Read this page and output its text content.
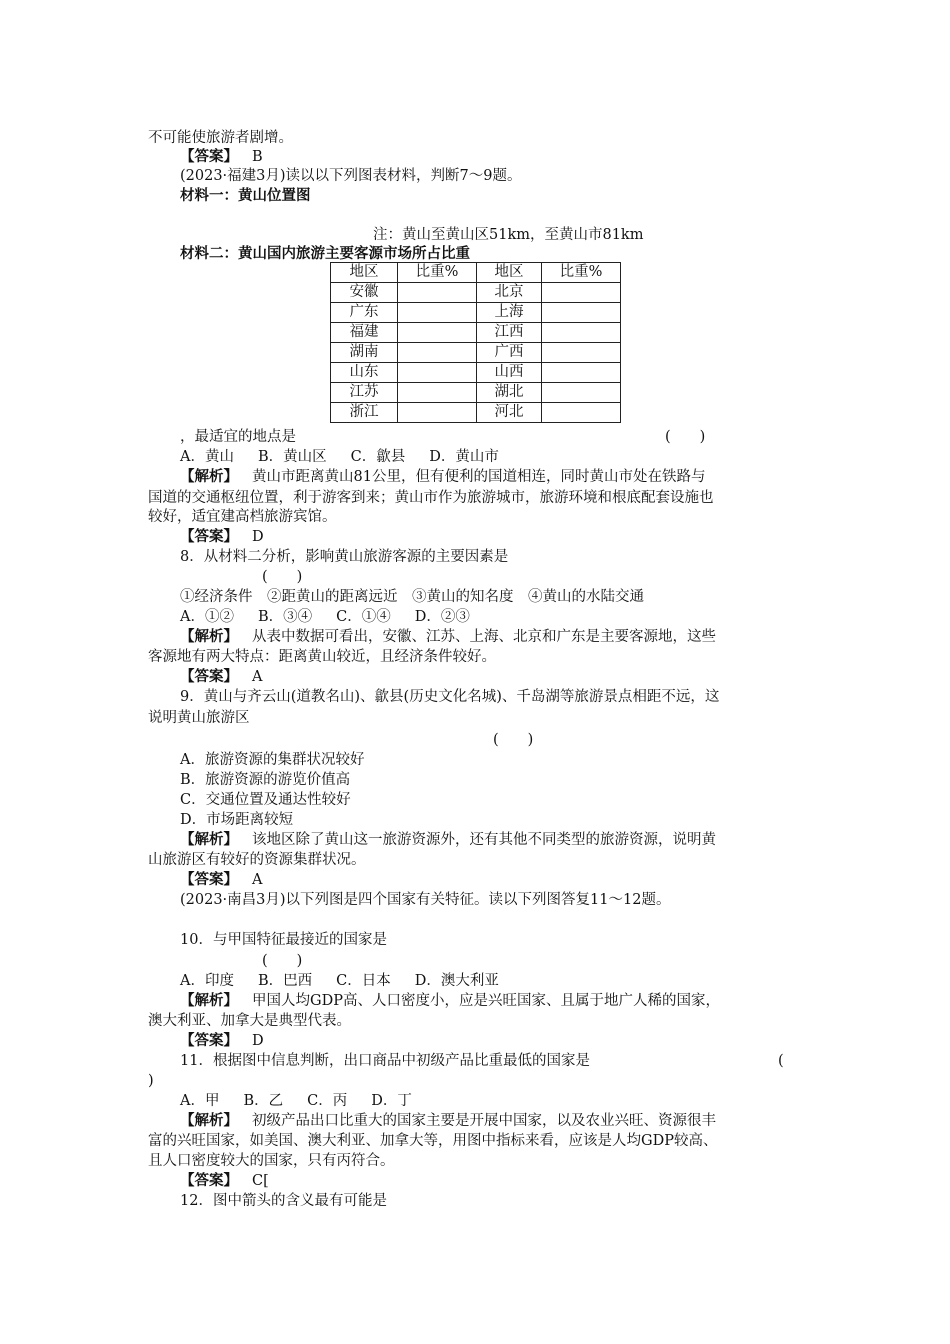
不可能使旅游者剧增。
【答案】 B
(2023·福建3月)读以以下列图表材料，判断7～9题。
材料一：黄山位置图
注：黄山至黄山区51km，至黄山市81km
材料二：黄山国内旅游主要客源市场所占比重
地区	比重%	地区	比重%
安徽		北京	
广东		上海	
福建		江西	
湖南		广西	
山东		山西	
江苏		湖北	
浙江		河北	
，最适宜的地点是	(　　)
A．黄山 B．黄山区 C．歙县 D．黄山市
【解析】 黄山市距离黄山81公里，但有便利的国道相连，同时黄山市处在铁路与
国道的交通枢纽位置，利于游客到来；黄山市作为旅游城市，旅游环境和根底配套设施也
较好，适宜建高档旅游宾馆。
【答案】 D
8．从材料二分析，影响黄山旅游客源的主要因素是
(　　)
①经济条件　②距黄山的距离远近　③黄山的知名度　④黄山的水陆交通
A．①② B．③④ C．①④ D．②③
【解析】 从表中数据可看出，安徽、江苏、上海、北京和广东是主要客源地，这些
客源地有两大特点：距离黄山较近，且经济条件较好。
【答案】 A
9．黄山与齐云山(道教名山)、歙县(历史文化名城)、千岛湖等旅游景点相距不远，这
说明黄山旅游区
(　　)
A．旅游资源的集群状况较好
B．旅游资源的游览价值高
C．交通位置及通达性较好
D．市场距离较短
【解析】 该地区除了黄山这一旅游资源外，还有其他不同类型的旅游资源，说明黄
山旅游区有较好的资源集群状况。
【答案】 A
(2023·南昌3月)以下列图是四个国家有关特征。读以下列图答复11～12题。
10．与甲国特征最接近的国家是
(　　)
A．印度 B．巴西 C．日本 D．澳大利亚
【解析】 甲国人均GDP高、人口密度小，应是兴旺国家、且属于地广人稀的国家，
澳大利亚、加拿大是典型代表。
【答案】 D
11．根据图中信息判断，出口商品中初级产品比重最低的国家是	(
)
A．甲 B．乙 C．丙 D．丁
【解析】 初级产品出口比重大的国家主要是开展中国家，以及农业兴旺、资源很丰
富的兴旺国家，如美国、澳大利亚、加拿大等，用图中指标来看，应该是人均GDP较高、
且人口密度较大的国家，只有丙符合。
【答案】 C[
12．图中箭头的含义最有可能是
